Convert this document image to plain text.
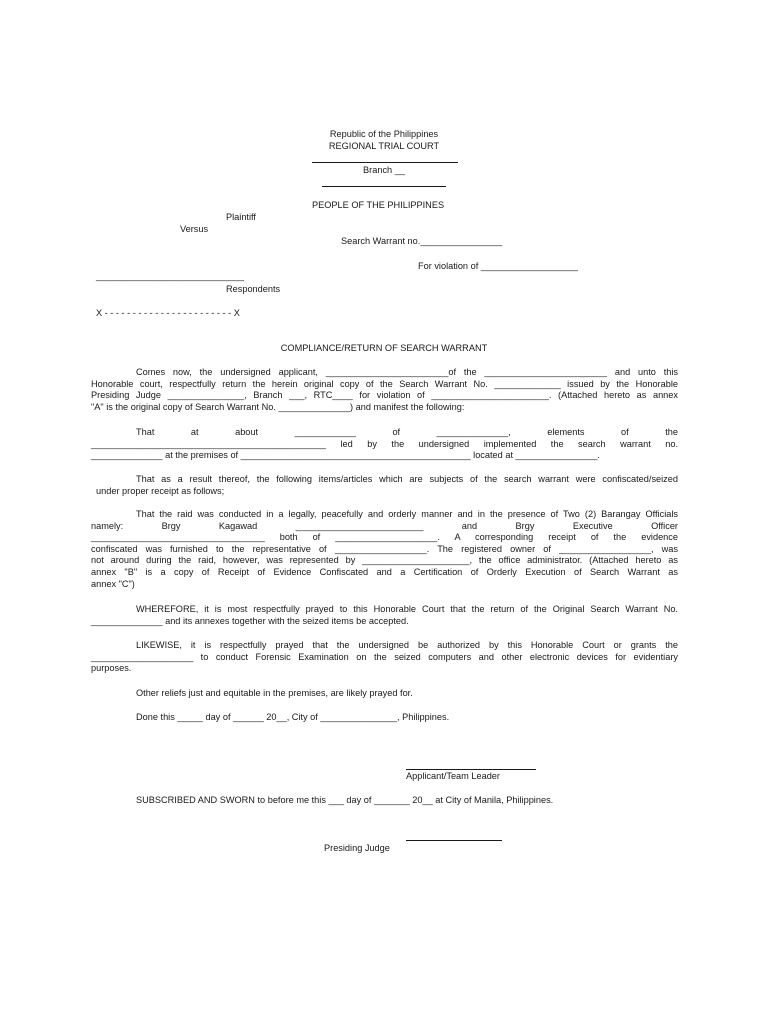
Republic of the Philippines
REGIONAL TRIAL COURT
Branch __
PEOPLE OF THE PHILIPPINES
Plaintiff
Versus
Search Warrant no.________________
For violation of ___________________
_____________________________
Respondents
X - - - - - - - - - - - - - - - - - - - - - - - X
COMPLIANCE/RETURN OF SEARCH WARRANT
Comes now, the undersigned applicant, ________________________of the ________________________ and unto this
Honorable court, respectfully return the herein original copy of the Search Warrant No. _____________ issued by the Honorable
Presiding Judge _______________, Branch ___, RTC____ for violation of _______________________. (Attached hereto as annex
"A" is the original copy of Search Warrant No. ______________) and manifest the following:
That at about ____________ of ______________, elements of the
______________________________________________ led by the undersigned implemented the search warrant no.
______________ at the premises of _____________________________________________ located at ________________.
That as a result thereof, the following items/articles which are subjects of the search warrant were confiscated/seized
under proper receipt as follows;
That the raid was conducted in a legally, peacefully and orderly manner and in the presence of Two (2) Barangay Officials
namely: Brgy Kagawad _________________________ and Brgy Executive Officer
__________________________________ both of ____________________. A corresponding receipt of the evidence
confiscated was furnished to the representative of __________________. The registered owner of __________________, was
not around during the raid, however, was represented by _____________________, the office administrator. (Attached hereto as
annex "B" is a copy of Receipt of Evidence Confiscated and a Certification of Orderly Execution of Search Warrant as
annex "C")
WHEREFORE, it is most respectfully prayed to this Honorable Court that the return of the Original Search Warrant No.
______________ and its annexes together with the seized items be accepted.
LIKEWISE, it is respectfully prayed that the undersigned be authorized by this Honorable Court or grants the
____________________ to conduct Forensic Examination on the seized computers and other electronic devices for evidentiary
purposes.
Other reliefs just and equitable in the premises, are likely prayed for.
Done this _____ day of ______ 20__, City of _______________, Philippines.
Applicant/Team Leader
SUBSCRIBED AND SWORN to before me this ___ day of _______ 20__ at City of Manila, Philippines.
Presiding Judge
